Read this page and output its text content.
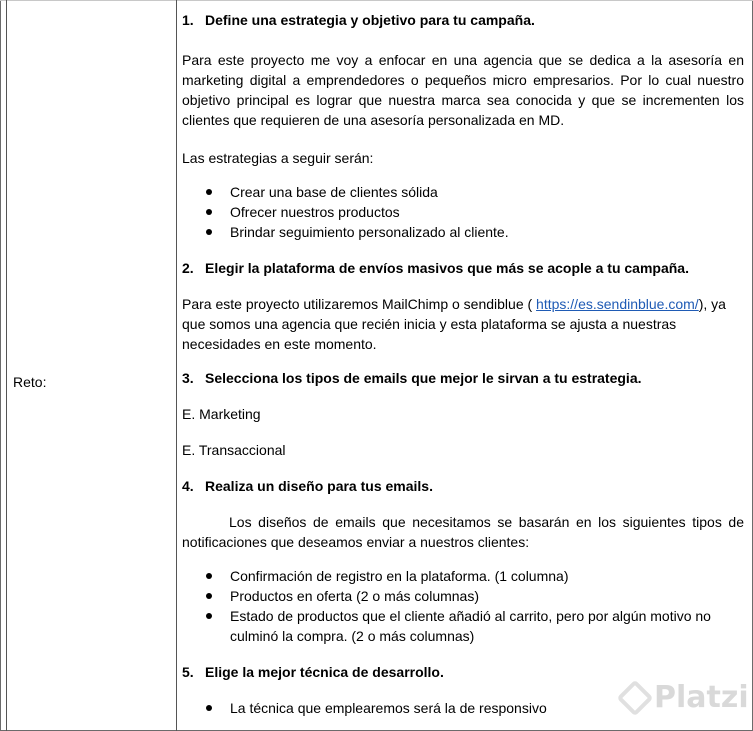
Reto:

1. Define una estrategia y objetivo para tu campaña.

Para este proyecto me voy a enfocar en una agencia que se dedica a la asesoría en marketing digital a emprendedores o pequeños micro empresarios. Por lo cual nuestro objetivo principal es lograr que nuestra marca sea conocida y que se incrementen los clientes que requieren de una asesoría personalizada en MD.

Las estrategias a seguir serán:

Crear una base de clientes sólida
Ofrecer nuestros productos
Brindar seguimiento personalizado al cliente.

2. Elegir la plataforma de envíos masivos que más se acople a tu campaña.

Para este proyecto utilizaremos MailChimp o sendiblue ( https://es.sendinblue.com/), ya que somos una agencia que recién inicia y esta plataforma se ajusta a nuestras necesidades en este momento.

3. Selecciona los tipos de emails que mejor le sirvan a tu estrategia.

E. Marketing

E. Transaccional

4. Realiza un diseño para tus emails.

Los diseños de emails que necesitamos se basarán en los siguientes tipos de notificaciones que deseamos enviar a nuestros clientes:

Confirmación de registro en la plataforma. (1 columna)
Productos en oferta (2 o más columnas)
Estado de productos que el cliente añadió al carrito, pero por algún motivo no culminó la compra. (2 o más columnas)

5. Elige la mejor técnica de desarrollo.

La técnica que emplearemos será la de responsivo	Platzi
